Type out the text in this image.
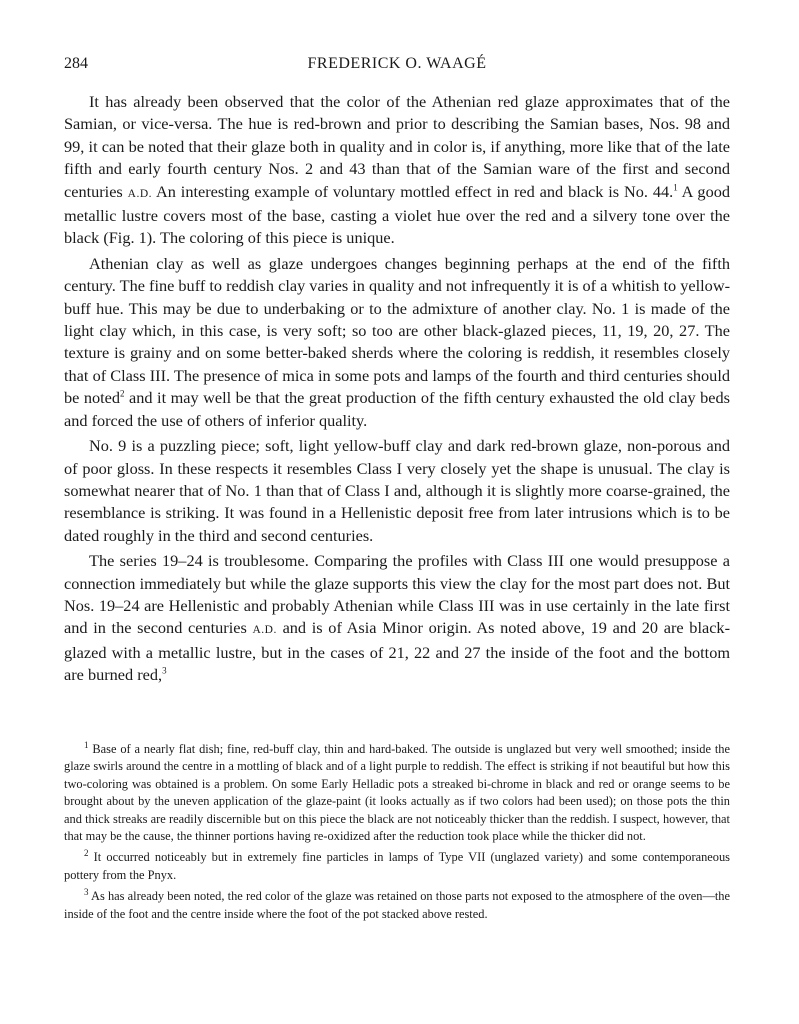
284	FREDERICK O. WAAGÉ

It has already been observed that the color of the Athenian red glaze approximates that of the Samian, or vice-versa. The hue is red-brown and prior to describing the Samian bases, Nos. 98 and 99, it can be noted that their glaze both in quality and in color is, if anything, more like that of the late fifth and early fourth century Nos. 2 and 43 than that of the Samian ware of the first and second centuries A.D. An interesting example of voluntary mottled effect in red and black is No. 44.$^1$ A good metallic lustre covers most of the base, casting a violet hue over the red and a silvery tone over the black (Fig. 1). The coloring of this piece is unique.

Athenian clay as well as glaze undergoes changes beginning perhaps at the end of the fifth century. The fine buff to reddish clay varies in quality and not infrequently it is of a whitish to yellow-buff hue. This may be due to underbaking or to the admixture of another clay. No. 1 is made of the light clay which, in this case, is very soft; so too are other black-glazed pieces, 11, 19, 20, 27. The texture is grainy and on some better-baked sherds where the coloring is reddish, it resembles closely that of Class III. The presence of mica in some pots and lamps of the fourth and third centuries should be noted$^2$ and it may well be that the great production of the fifth century exhausted the old clay beds and forced the use of others of inferior quality.

No. 9 is a puzzling piece; soft, light yellow-buff clay and dark red-brown glaze, non-porous and of poor gloss. In these respects it resembles Class I very closely yet the shape is unusual. The clay is somewhat nearer that of No. 1 than that of Class I and, although it is slightly more coarse-grained, the resemblance is striking. It was found in a Hellenistic deposit free from later intrusions which is to be dated roughly in the third and second centuries.

The series 19–24 is troublesome. Comparing the profiles with Class III one would presuppose a connection immediately but while the glaze supports this view the clay for the most part does not. But Nos. 19–24 are Hellenistic and probably Athenian while Class III was in use certainly in the late first and in the second centuries A.D. and is of Asia Minor origin. As noted above, 19 and 20 are black-glazed with a metallic lustre, but in the cases of 21, 22 and 27 the inside of the foot and the bottom are burned red,$^3$

$^1$ Base of a nearly flat dish; fine, red-buff clay, thin and hard-baked. The outside is unglazed but very well smoothed; inside the glaze swirls around the centre in a mottling of black and of a light purple to reddish. The effect is striking if not beautiful but how this two-coloring was obtained is a problem. On some Early Helladic pots a streaked bi-chrome in black and red or orange seems to be brought about by the uneven application of the glaze-paint (it looks actually as if two colors had been used); on those pots the thin and thick streaks are readily discernible but on this piece the black are not noticeably thicker than the reddish. I suspect, however, that that may be the cause, the thinner portions having re-oxidized after the reduction took place while the thicker did not.

$^2$ It occurred noticeably but in extremely fine particles in lamps of Type VII (unglazed variety) and some contemporaneous pottery from the Pnyx.

$^3$ As has already been noted, the red color of the glaze was retained on those parts not exposed to the atmosphere of the oven—the inside of the foot and the centre inside where the foot of the pot stacked above rested.
